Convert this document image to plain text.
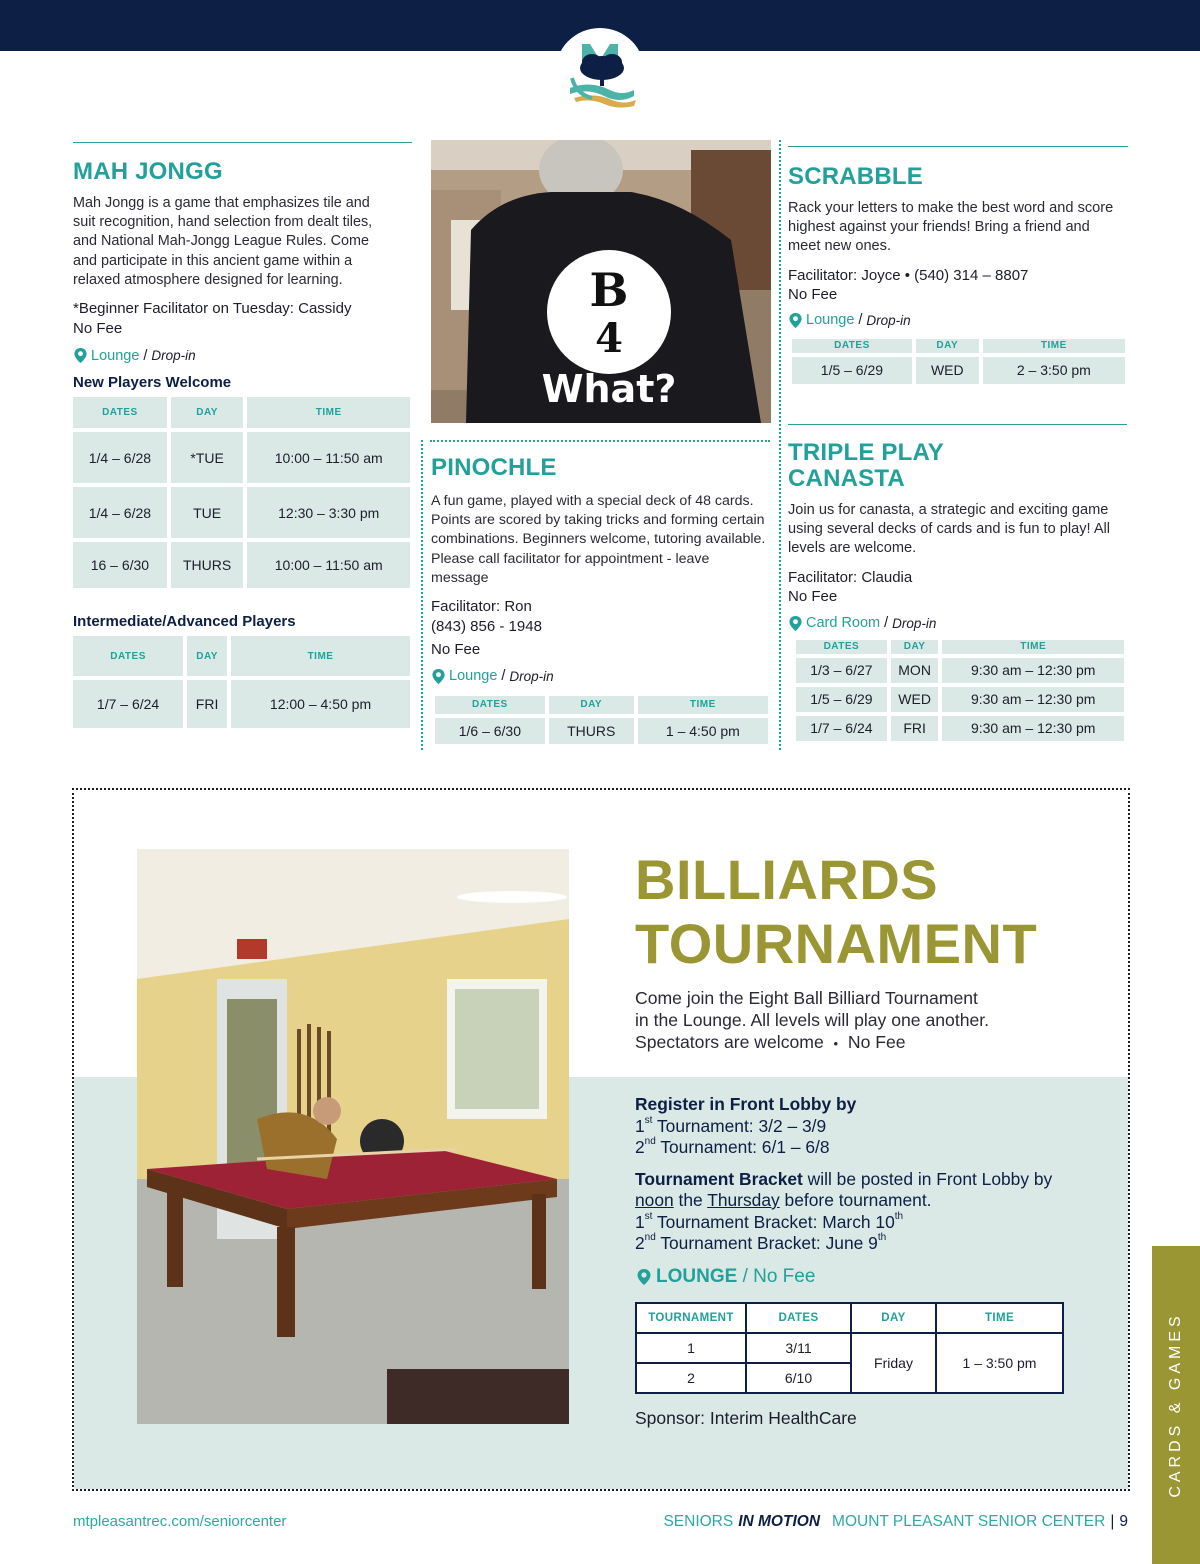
MAH JONGG
Mah Jongg is a game that emphasizes tile and suit recognition, hand selection from dealt tiles, and National Mah-Jongg League Rules. Come and participate in this ancient game within a relaxed atmosphere designed for learning.
*Beginner Facilitator on Tuesday: Cassidy
No Fee
Lounge / Drop-in
New Players Welcome
DATES	DAY	TIME
1/4 – 6/28	*TUE	10:00 – 11:50 am
1/4 – 6/28	TUE	12:30 – 3:30 pm
16 – 6/30	THURS	10:00 – 11:50 am
Intermediate/Advanced Players
DATES	DAY	TIME
1/7 – 6/24	FRI	12:00 – 4:50 pm
B
4
What?
PINOCHLE
A fun game, played with a special deck of 48 cards. Points are scored by taking tricks and forming certain combinations. Beginners welcome, tutoring available. Please call facilitator for appointment - leave message
Facilitator: Ron
(843) 856 - 1948
No Fee
Lounge / Drop-in
DATES	DAY	TIME
1/6 – 6/30	THURS	1 – 4:50 pm
SCRABBLE
Rack your letters to make the best word and score highest against your friends! Bring a friend and meet new ones.
Facilitator: Joyce • (540) 314 – 8807
No Fee
Lounge / Drop-in
DATES	DAY	TIME
1/5 – 6/29	WED	2 – 3:50 pm
TRIPLE PLAY
CANASTA
Join us for canasta, a strategic and exciting game using several decks of cards and is fun to play! All levels are welcome.
Facilitator: Claudia
No Fee
Card Room / Drop-in
DATES	DAY	TIME
1/3 – 6/27	MON	9:30 am – 12:30 pm
1/5 – 6/29	WED	9:30 am – 12:30 pm
1/7 – 6/24	FRI	9:30 am – 12:30 pm
BILLIARDS
TOURNAMENT
Come join the Eight Ball Billiard Tournament
in the Lounge. All levels will play one another.
Spectators are welcome • No Fee
Register in Front Lobby by
1st Tournament: 3/2 – 3/9
2nd Tournament: 6/1 – 6/8
Tournament Bracket will be posted in Front Lobby by
noon the Thursday before tournament.
1st Tournament Bracket: March 10th
2nd Tournament Bracket: June 9th
LOUNGE
/ No Fee
TOURNAMENT	DATES	DAY	TIME
1	3/11	Friday	1 – 3:50 pm
2	6/10		
Sponsor: Interim HealthCare	CARDS & GAMES
mtpleasantrec.com/seniorcenter	SENIORS IN MOTION MOUNT PLEASANT SENIOR CENTER | 9
